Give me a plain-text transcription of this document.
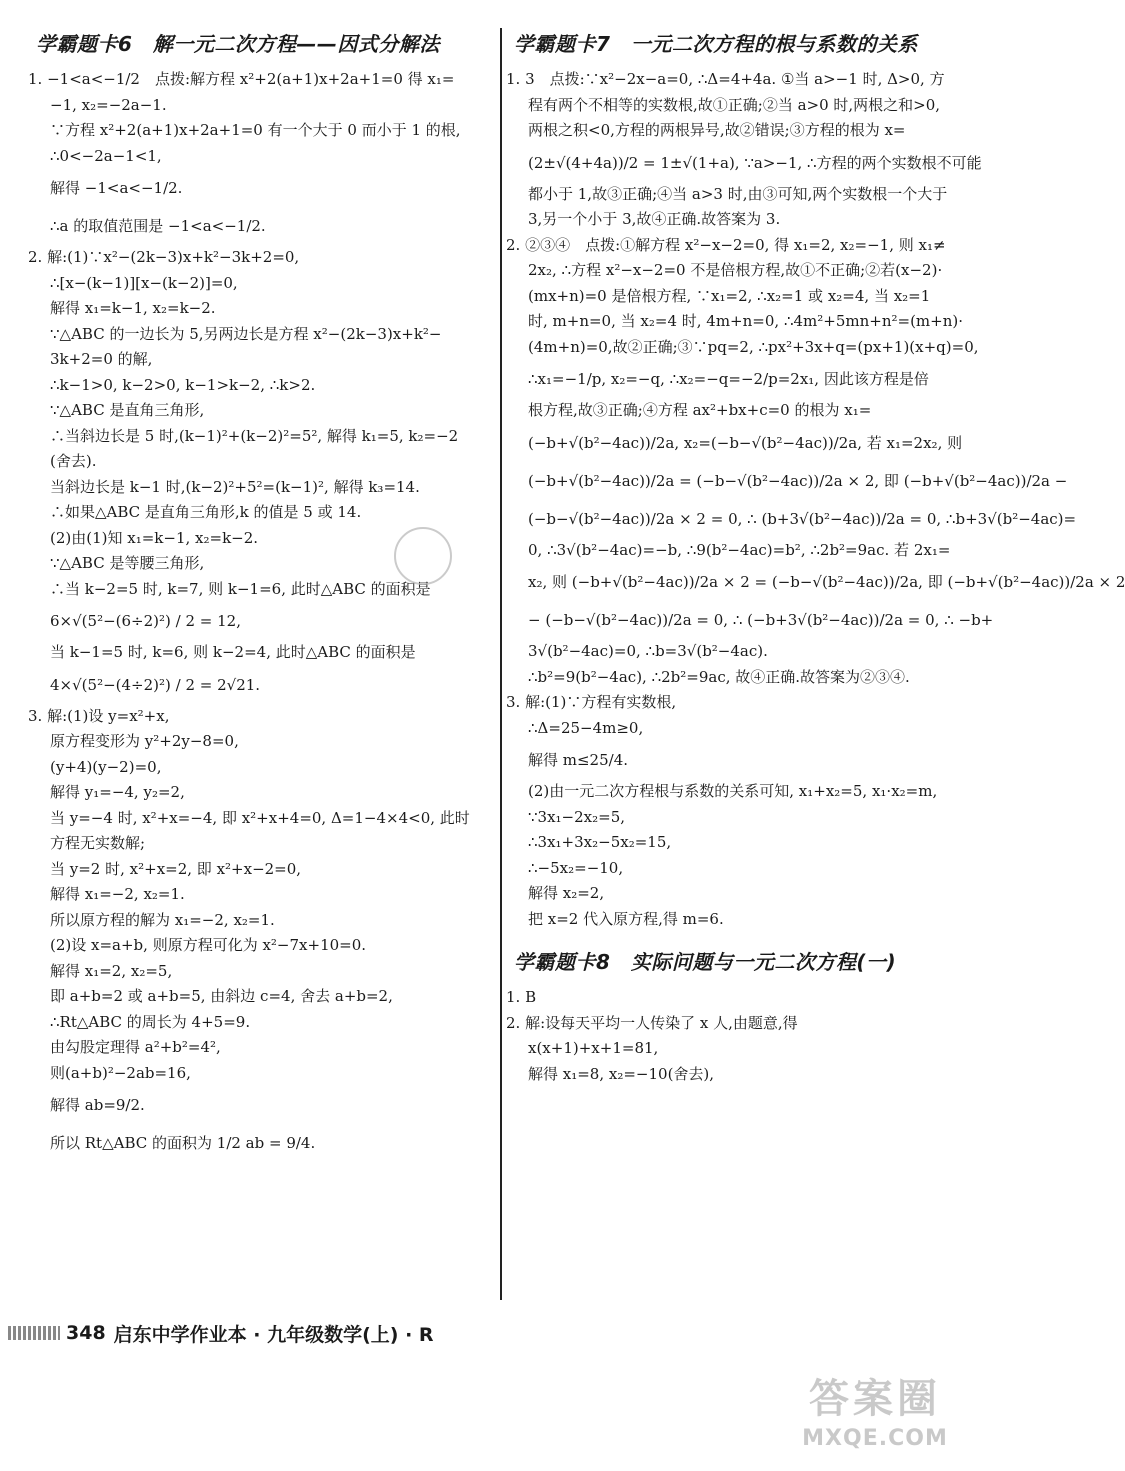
学霸题卡6　解一元二次方程——因式分解法
1. −1<a<−1/2　点拨:解方程 x²+2(a+1)x+2a+1=0 得 x₁=
−1, x₂=−2a−1.
∵方程 x²+2(a+1)x+2a+1=0 有一个大于 0 而小于 1 的根,
∴0<−2a−1<1,
解得 −1<a<−1/2.
∴a 的取值范围是 −1<a<−1/2.
2. 解:(1)∵x²−(2k−3)x+k²−3k+2=0,
∴[x−(k−1)][x−(k−2)]=0,
解得 x₁=k−1, x₂=k−2.
∵△ABC 的一边长为 5,另两边长是方程 x²−(2k−3)x+k²−
3k+2=0 的解,
∴k−1>0, k−2>0, k−1>k−2, ∴k>2.
∵△ABC 是直角三角形,
∴当斜边长是 5 时,(k−1)²+(k−2)²=5², 解得 k₁=5, k₂=−2
(舍去).
当斜边长是 k−1 时,(k−2)²+5²=(k−1)², 解得 k₃=14.
∴如果△ABC 是直角三角形,k 的值是 5 或 14.
(2)由(1)知 x₁=k−1, x₂=k−2.
∵△ABC 是等腰三角形,
∴当 k−2=5 时, k=7, 则 k−1=6, 此时△ABC 的面积是
6×√(5²−(6÷2)²) / 2 = 12,
当 k−1=5 时, k=6, 则 k−2=4, 此时△ABC 的面积是
4×√(5²−(4÷2)²) / 2 = 2√21.
3. 解:(1)设 y=x²+x,
原方程变形为 y²+2y−8=0,
(y+4)(y−2)=0,
解得 y₁=−4, y₂=2,
当 y=−4 时, x²+x=−4, 即 x²+x+4=0, Δ=1−4×4<0, 此时
方程无实数解;
当 y=2 时, x²+x=2, 即 x²+x−2=0,
解得 x₁=−2, x₂=1.
所以原方程的解为 x₁=−2, x₂=1.
(2)设 x=a+b, 则原方程可化为 x²−7x+10=0.
解得 x₁=2, x₂=5,
即 a+b=2 或 a+b=5, 由斜边 c=4, 舍去 a+b=2,
∴Rt△ABC 的周长为 4+5=9.
由勾股定理得 a²+b²=4²,
则(a+b)²−2ab=16,
解得 ab=9/2.
所以 Rt△ABC 的面积为 1/2 ab = 9/4.
学霸题卡7　一元二次方程的根与系数的关系
1. 3　点拨:∵x²−2x−a=0, ∴Δ=4+4a. ①当 a>−1 时, Δ>0, 方
程有两个不相等的实数根,故①正确;②当 a>0 时,两根之和>0,
两根之积<0,方程的两根异号,故②错误;③方程的根为 x=
(2±√(4+4a))/2 = 1±√(1+a), ∵a>−1, ∴方程的两个实数根不可能
都小于 1,故③正确;④当 a>3 时,由③可知,两个实数根一个大于
3,另一个小于 3,故④正确.故答案为 3.
2. ②③④　点拨:①解方程 x²−x−2=0, 得 x₁=2, x₂=−1, 则 x₁≠
2x₂, ∴方程 x²−x−2=0 不是倍根方程,故①不正确;②若(x−2)·
(mx+n)=0 是倍根方程, ∵x₁=2, ∴x₂=1 或 x₂=4, 当 x₂=1
时, m+n=0, 当 x₂=4 时, 4m+n=0, ∴4m²+5mn+n²=(m+n)·
(4m+n)=0,故②正确;③∵pq=2, ∴px²+3x+q=(px+1)(x+q)=0,
∴x₁=−1/p, x₂=−q, ∴x₂=−q=−2/p=2x₁, 因此该方程是倍
根方程,故③正确;④方程 ax²+bx+c=0 的根为 x₁=
(−b+√(b²−4ac))/2a, x₂=(−b−√(b²−4ac))/2a, 若 x₁=2x₂, 则
(−b+√(b²−4ac))/2a = (−b−√(b²−4ac))/2a × 2, 即 (−b+√(b²−4ac))/2a −
(−b−√(b²−4ac))/2a × 2 = 0, ∴ (b+3√(b²−4ac))/2a = 0, ∴b+3√(b²−4ac)=
0, ∴3√(b²−4ac)=−b, ∴9(b²−4ac)=b², ∴2b²=9ac. 若 2x₁=
x₂, 则 (−b+√(b²−4ac))/2a × 2 = (−b−√(b²−4ac))/2a, 即 (−b+√(b²−4ac))/2a × 2
− (−b−√(b²−4ac))/2a = 0, ∴ (−b+3√(b²−4ac))/2a = 0, ∴ −b+
3√(b²−4ac)=0, ∴b=3√(b²−4ac).
∴b²=9(b²−4ac), ∴2b²=9ac, 故④正确.故答案为②③④.
3. 解:(1)∵方程有实数根,
∴Δ=25−4m≥0,
解得 m≤25/4.
(2)由一元二次方程根与系数的关系可知, x₁+x₂=5, x₁·x₂=m,
∵3x₁−2x₂=5,
∴3x₁+3x₂−5x₂=15,
∴−5x₂=−10,
解得 x₂=2,
把 x=2 代入原方程,得 m=6.
学霸题卡8　实际问题与一元二次方程(一)
1. B
2. 解:设每天平均一人传染了 x 人,由题意,得
x(x+1)+x+1=81,
解得 x₁=8, x₂=−10(舍去),
348 启东中学作业本 · 九年级数学(上) · R
答案圈
MXQE.COM
